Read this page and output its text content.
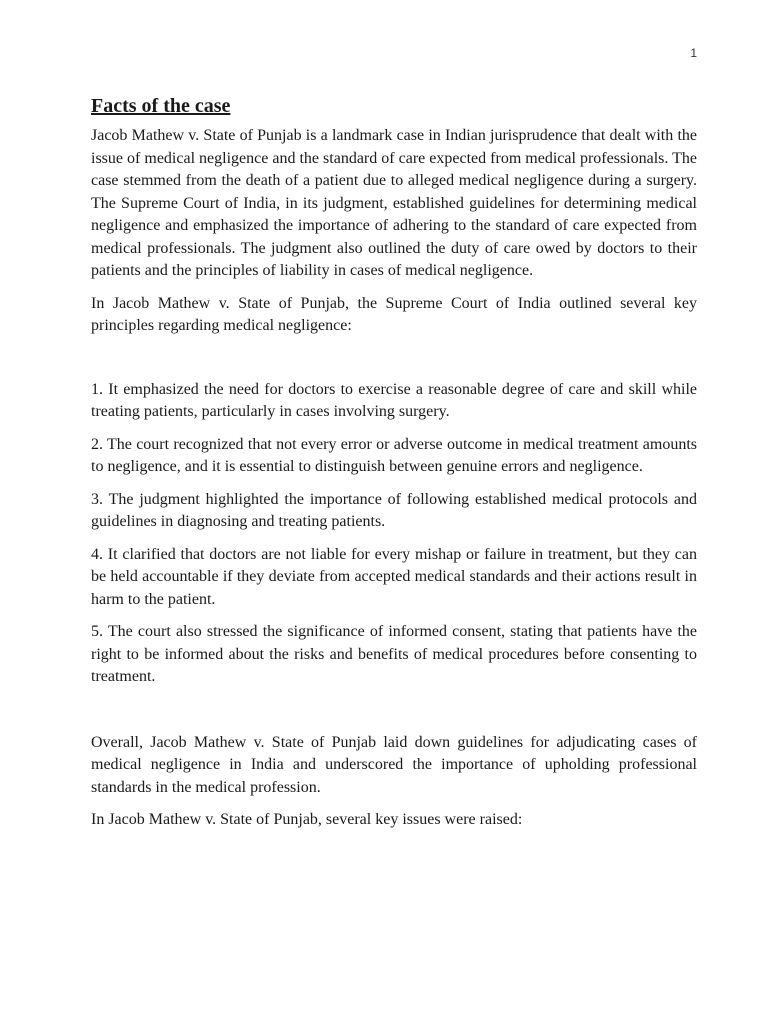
1
Facts of the case

Jacob Mathew v. State of Punjab is a landmark case in Indian jurisprudence that dealt with the issue of medical negligence and the standard of care expected from medical professionals. The case stemmed from the death of a patient due to alleged medical negligence during a surgery. The Supreme Court of India, in its judgment, established guidelines for determining medical negligence and emphasized the importance of adhering to the standard of care expected from medical professionals. The judgment also outlined the duty of care owed by doctors to their patients and the principles of liability in cases of medical negligence.

In Jacob Mathew v. State of Punjab, the Supreme Court of India outlined several key principles regarding medical negligence:

1. It emphasized the need for doctors to exercise a reasonable degree of care and skill while treating patients, particularly in cases involving surgery.

2. The court recognized that not every error or adverse outcome in medical treatment amounts to negligence, and it is essential to distinguish between genuine errors and negligence.

3. The judgment highlighted the importance of following established medical protocols and guidelines in diagnosing and treating patients.

4. It clarified that doctors are not liable for every mishap or failure in treatment, but they can be held accountable if they deviate from accepted medical standards and their actions result in harm to the patient.

5. The court also stressed the significance of informed consent, stating that patients have the right to be informed about the risks and benefits of medical procedures before consenting to treatment.

Overall, Jacob Mathew v. State of Punjab laid down guidelines for adjudicating cases of medical negligence in India and underscored the importance of upholding professional standards in the medical profession.

In Jacob Mathew v. State of Punjab, several key issues were raised:
